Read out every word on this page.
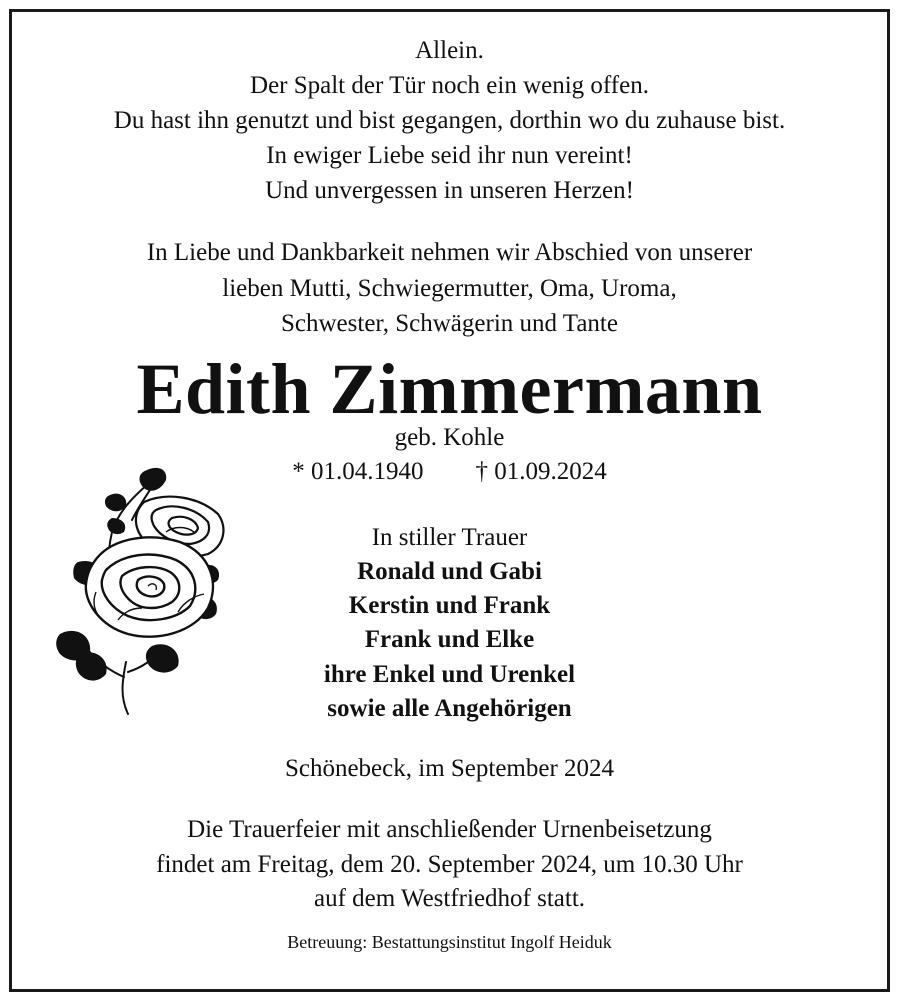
Allein.
Der Spalt der Tür noch ein wenig offen.
Du hast ihn genutzt und bist gegangen, dorthin wo du zuhause bist.
In ewiger Liebe seid ihr nun vereint!
Und unvergessen in unseren Herzen!
In Liebe und Dankbarkeit nehmen wir Abschied von unserer
lieben Mutti, Schwiegermutter, Oma, Uroma,
Schwester, Schwägerin und Tante
Edith Zimmermann
geb. Kohle
* 01.04.1940 † 01.09.2024
In stiller Trauer
Ronald und Gabi
Kerstin und Frank
Frank und Elke
ihre Enkel und Urenkel
sowie alle Angehörigen
Schönebeck, im September 2024
Die Trauerfeier mit anschließender Urnenbeisetzung
findet am Freitag, dem 20. September 2024, um 10.30 Uhr
auf dem Westfriedhof statt.
Betreuung: Bestattungsinstitut Ingolf Heiduk
